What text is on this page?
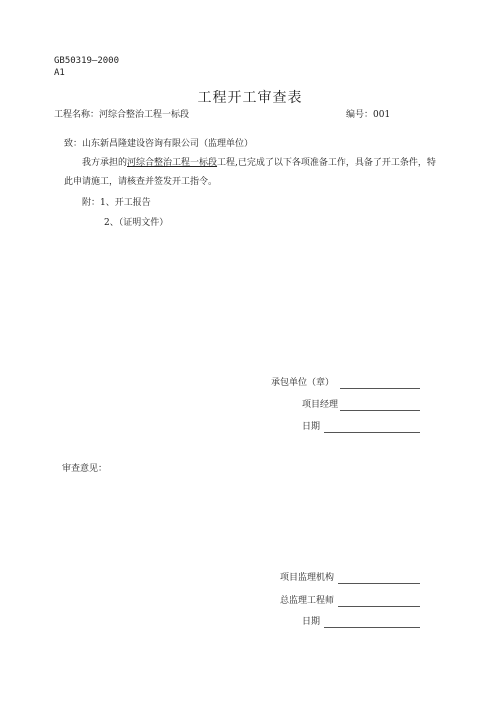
GB50319—2000
A1
工程开工审查表
工程名称：河综合整治工程一标段	编号：001
致：山东新昌隆建设咨询有限公司（监理单位）
我方承担的河综合整治工程一标段工程,已完成了以下各项准备工作，具备了开工条件，特此申请施工，请核查并签发开工指令。
附：1、开工报告
2、（证明文件）
承包单位（章）
项目经理
日期
审查意见：
项目监理机构
总监理工程师
日期
